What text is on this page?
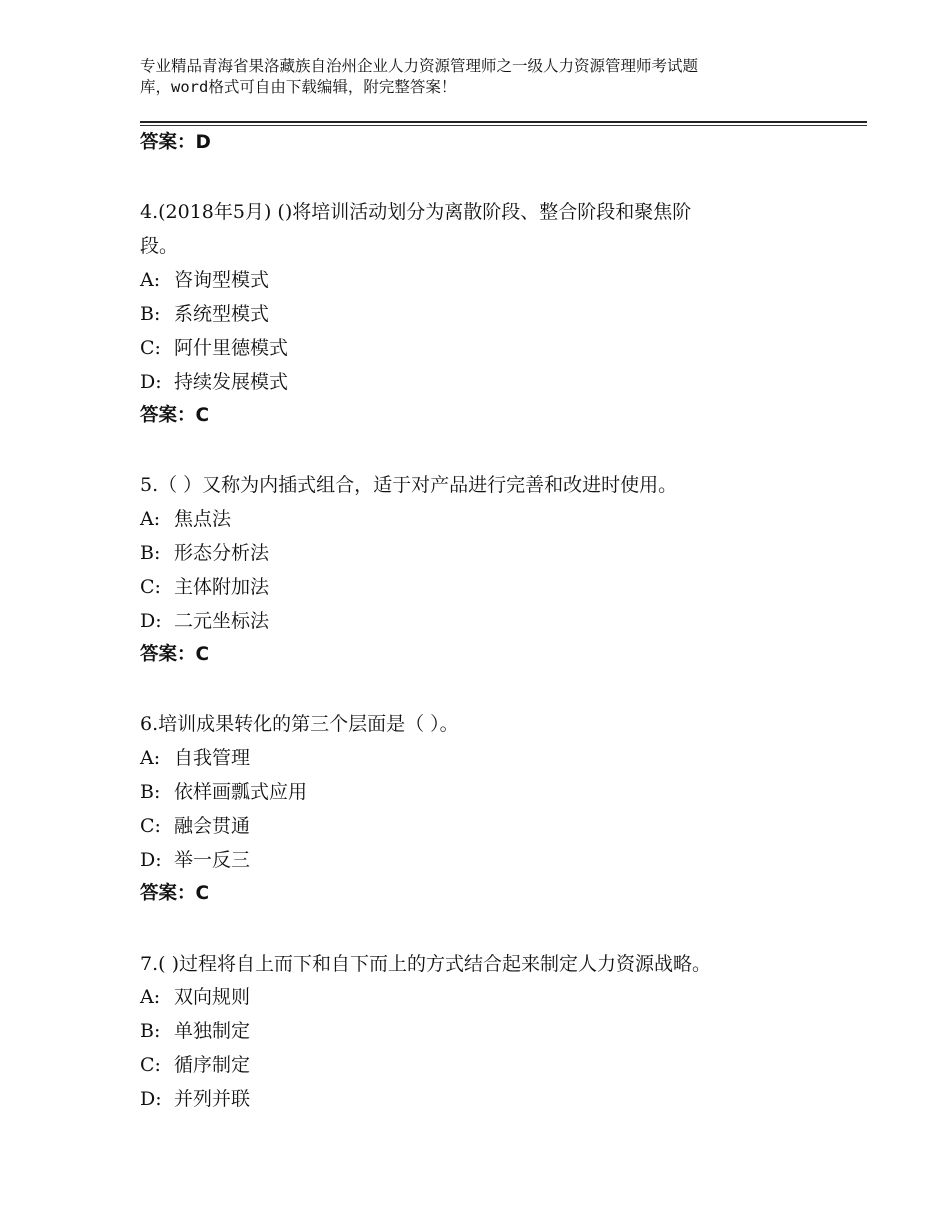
专业精品青海省果洛藏族自治州企业人力资源管理师之一级人力资源管理师考试题
库，word格式可自由下载编辑，附完整答案！
答案：D
4.(2018年5月) ()将培训活动划分为离散阶段、整合阶段和聚焦阶
段。
A: 咨询型模式
B: 系统型模式
C: 阿什里德模式
D: 持续发展模式
答案：C
5.（ ）又称为内插式组合，适于对产品进行完善和改进时使用。
A: 焦点法
B: 形态分析法
C: 主体附加法
D: 二元坐标法
答案：C
6.培训成果转化的第三个层面是（ ）。
A: 自我管理
B: 依样画瓢式应用
C: 融会贯通
D: 举一反三
答案：C
7.( )过程将自上而下和自下而上的方式结合起来制定人力资源战略。
A: 双向规则
B: 单独制定
C: 循序制定
D: 并列并联
